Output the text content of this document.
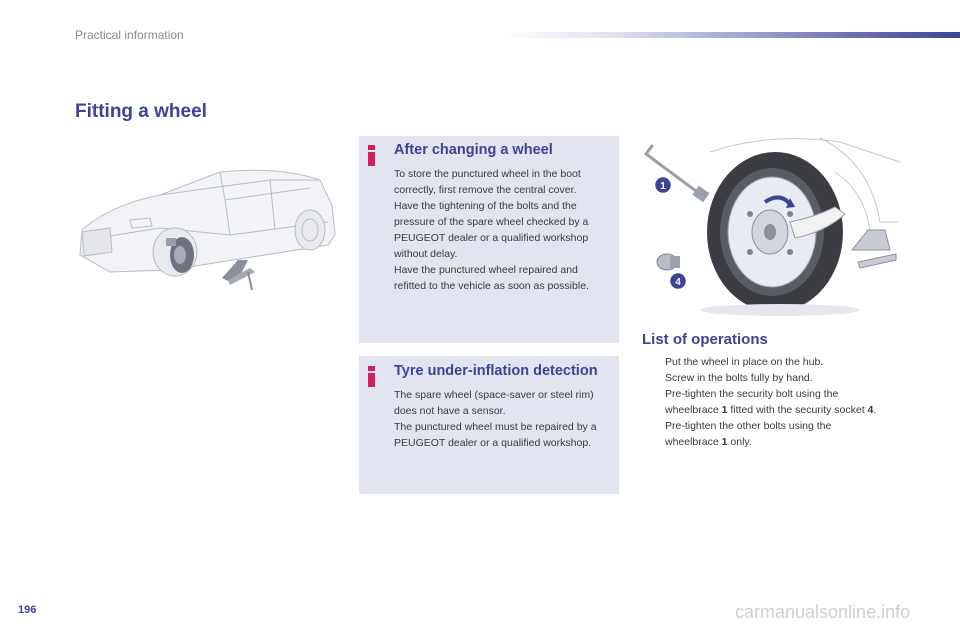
Practical information
Fitting a wheel
After changing a wheel

To store the punctured wheel in the boot correctly, first remove the central cover.

Have the tightening of the bolts and the pressure of the spare wheel checked by a PEUGEOT dealer or a qualified workshop without delay.

Have the punctured wheel repaired and refitted to the vehicle as soon as possible.

Tyre under-inflation detection

The spare wheel (space-saver or steel rim) does not have a sensor.

The punctured wheel must be repaired by a PEUGEOT dealer or a qualified workshop.

1
4
List of operations
Put the wheel in place on the hub.
Screw in the bolts fully by hand.
Pre-tighten the security bolt using the wheelbrace 1 fitted with the security socket 4.
Pre-tighten the other bolts using the wheelbrace 1 only.
196	carmanualsonline.info
